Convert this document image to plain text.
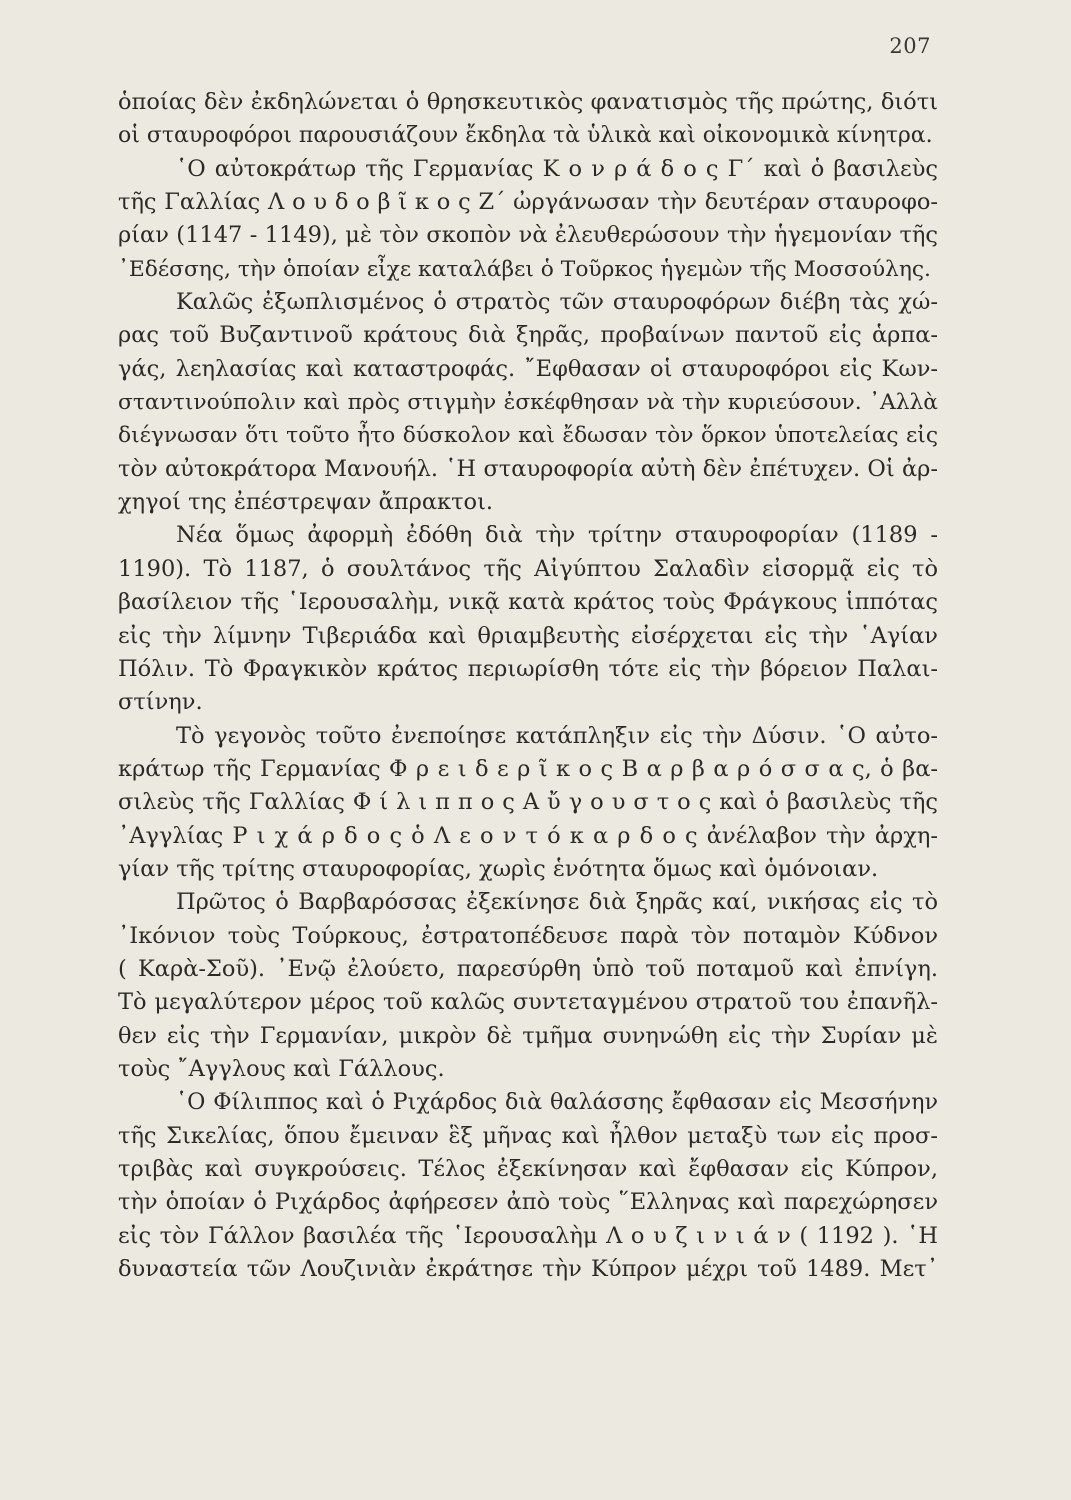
207
ὁποίας δὲν ἐκδηλώνεται ὁ θρησκευτικὸς φανατισμὸς τῆς πρώτης, διότι
οἱ σταυροφόροι παρουσιάζουν ἔκδηλα τὰ ὑλικὰ καὶ οἰκονομικὰ κίνητρα.
῾Ο αὐτοκράτωρ τῆς Γερμανίας Κ ο ν ρ ά δ ο ς Γ΄ καὶ ὁ βασιλεὺς
τῆς Γαλλίας Λ ο υ δ ο β ῖ κ ο ς Ζ΄ ὠργάνωσαν τὴν δευτέραν σταυροφο-
ρίαν (1147 - 1149), μὲ τὸν σκοπὸν νὰ ἐλευθερώσουν τὴν ἡγεμονίαν τῆς
᾿Εδέσσης, τὴν ὁποίαν εἶχε καταλάβει ὁ Τοῦρκος ἡγεμὼν τῆς Μοσσούλης.
Καλῶς ἐξωπλισμένος ὁ στρατὸς τῶν σταυροφόρων διέβη τὰς χώ-
ρας τοῦ Βυζαντινοῦ κράτους διὰ ξηρᾶς, προβαίνων παντοῦ εἰς ἁρπα-
γάς, λεηλασίας καὶ καταστροφάς. ῎Εφθασαν οἱ σταυροφόροι εἰς Κων-
σταντινούπολιν καὶ πρὸς στιγμὴν ἐσκέφθησαν νὰ τὴν κυριεύσουν. ᾿Αλλὰ
διέγνωσαν ὅτι τοῦτο ἦτο δύσκολον καὶ ἔδωσαν τὸν ὅρκον ὑποτελείας εἰς
τὸν αὐτοκράτορα Μανουήλ. ῾Η σταυροφορία αὐτὴ δὲν ἐπέτυχεν. Οἱ ἀρ-
χηγοί της ἐπέστρεψαν ἄπρακτοι.
Νέα ὅμως ἀφορμὴ ἐδόθη διὰ τὴν τρίτην σταυροφορίαν (1189 -
1190). Τὸ 1187, ὁ σουλτάνος τῆς Αἰγύπτου Σαλαδὶν εἰσορμᾷ εἰς τὸ
βασίλειον τῆς ῾Ιερουσαλὴμ, νικᾷ κατὰ κράτος τοὺς Φράγκους ἱππότας
εἰς τὴν λίμνην Τιβεριάδα καὶ θριαμβευτὴς εἰσέρχεται εἰς τὴν ῾Αγίαν
Πόλιν. Τὸ Φραγκικὸν κράτος περιωρίσθη τότε εἰς τὴν βόρειον Παλαι-
στίνην.
Τὸ γεγονὸς τοῦτο ἐνεποίησε κατάπληξιν εἰς τὴν Δύσιν. ῾Ο αὐτο-
κράτωρ τῆς Γερμανίας Φ ρ ε ι δ ε ρ ῖ κ ο ς Β α ρ β α ρ ό σ σ α ς, ὁ βα-
σιλεὺς τῆς Γαλλίας Φ ί λ ι π π ο ς Α ὔ γ ο υ σ τ ο ς καὶ ὁ βασιλεὺς τῆς
᾿Αγγλίας Ρ ι χ ά ρ δ ο ς ὁ Λ ε ο ν τ ό κ α ρ δ ο ς ἀνέλαβον τὴν ἀρχη-
γίαν τῆς τρίτης σταυροφορίας, χωρὶς ἑνότητα ὅμως καὶ ὁμόνοιαν.
Πρῶτος ὁ Βαρβαρόσσας ἐξεκίνησε διὰ ξηρᾶς καί, νικήσας εἰς τὸ
᾿Ικόνιον τοὺς Τούρκους, ἐστρατοπέδευσε παρὰ τὸν ποταμὸν Κύδνον
( Καρὰ-Σοῦ). ᾿Ενῷ ἐλούετο, παρεσύρθη ὑπὸ τοῦ ποταμοῦ καὶ ἐπνίγη.
Τὸ μεγαλύτερον μέρος τοῦ καλῶς συντεταγμένου στρατοῦ του ἐπανῆλ-
θεν εἰς τὴν Γερμανίαν, μικρὸν δὲ τμῆμα συνηνώθη εἰς τὴν Συρίαν μὲ
τοὺς ῎Αγγλους καὶ Γάλλους.
῾Ο Φίλιππος καὶ ὁ Ριχάρδος διὰ θαλάσσης ἔφθασαν εἰς Μεσσήνην
τῆς Σικελίας, ὅπου ἔμειναν ἓξ μῆνας καὶ ἦλθον μεταξὺ των εἰς προσ-
τριβὰς καὶ συγκρούσεις. Τέλος ἐξεκίνησαν καὶ ἔφθασαν εἰς Κύπρον,
τὴν ὁποίαν ὁ Ριχάρδος ἀφήρεσεν ἀπὸ τοὺς ῞Ελληνας καὶ παρεχώρησεν
εἰς τὸν Γάλλον βασιλέα τῆς ῾Ιερουσαλὴμ Λ ο υ ζ ι ν ι ά ν ( 1192 ). ῾Η
δυναστεία τῶν Λουζινιὰν ἐκράτησε τὴν Κύπρον μέχρι τοῦ 1489. Μετ᾿
